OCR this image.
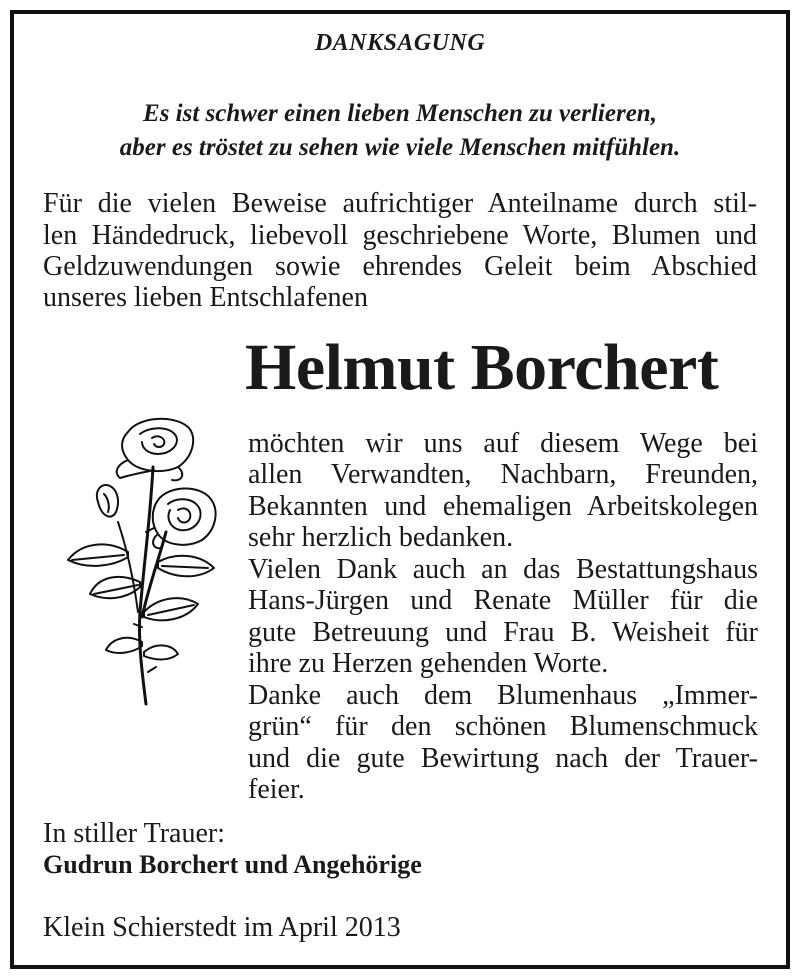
DANKSAGUNG
Es ist schwer einen lieben Menschen zu verlieren,
aber es tröstet zu sehen wie viele Menschen mitfühlen.
Für die vielen Beweise aufrichtiger Anteilname durch stil-
len Händedruck, liebevoll geschriebene Worte, Blumen und
Geldzuwendungen sowie ehrendes Geleit beim Abschied
unseres lieben Entschlafenen
Helmut Borchert
möchten wir uns auf diesem Wege bei
allen Verwandten, Nachbarn, Freunden,
Bekannten und ehemaligen Arbeitskolegen
sehr herzlich bedanken.
Vielen Dank auch an das Bestattungshaus
Hans-Jürgen und Renate Müller für die
gute Betreuung und Frau B. Weisheit für
ihre zu Herzen gehenden Worte.
Danke auch dem Blumenhaus „Immer-
grün“ für den schönen Blumenschmuck
und die gute Bewirtung nach der Trauer-
feier.
In stiller Trauer:
Gudrun Borchert und Angehörige
Klein Schierstedt im April 2013
